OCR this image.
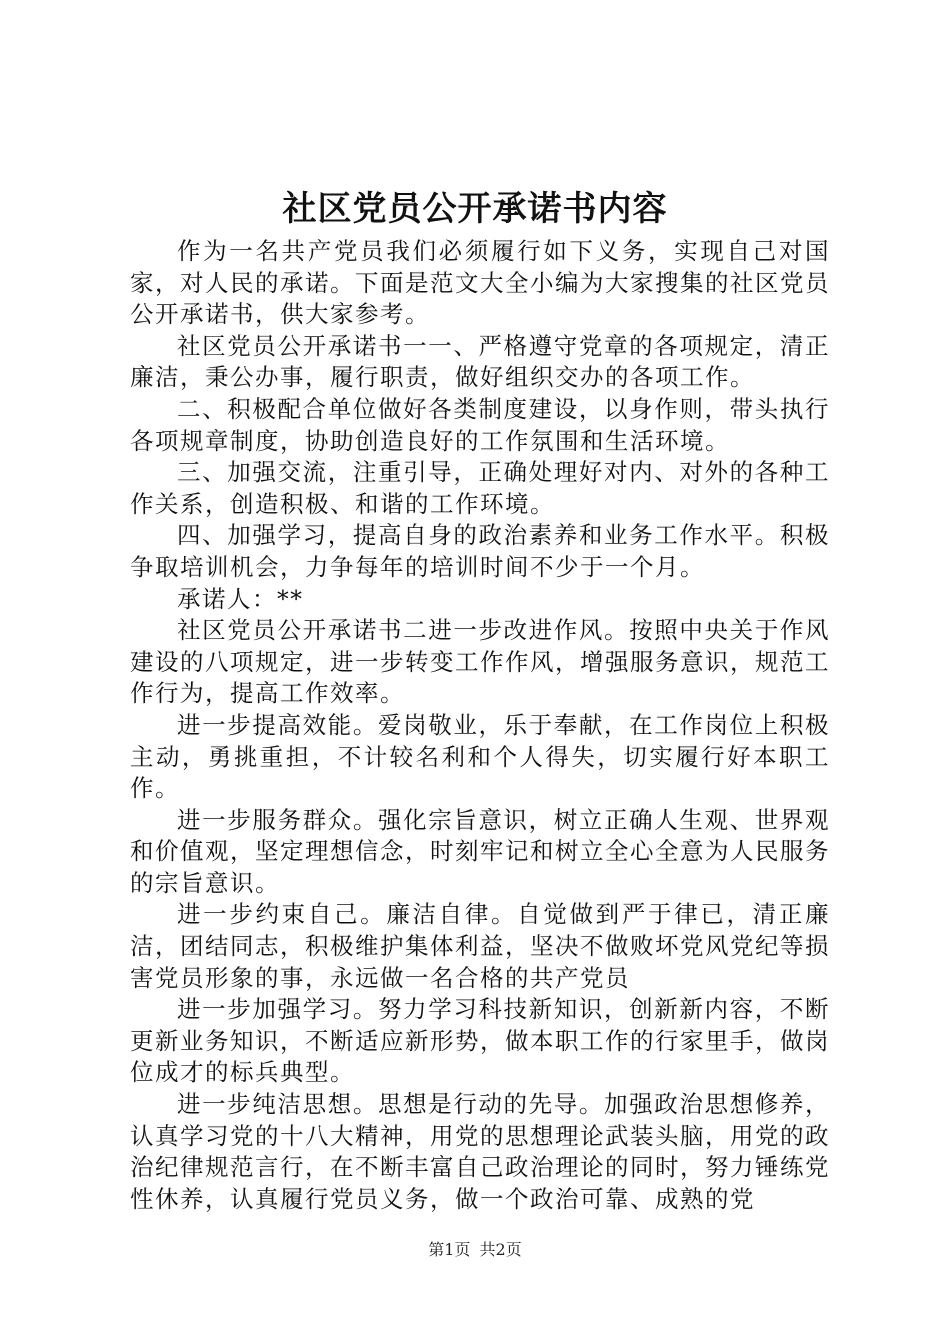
社区党员公开承诺书内容

作为一名共产党员我们必须履行如下义务，实现自己对国家，对人民的承诺。下面是范文大全小编为大家搜集的社区党员公开承诺书，供大家参考。

社区党员公开承诺书一一、严格遵守党章的各项规定，清正廉洁，秉公办事，履行职责，做好组织交办的各项工作。

二、积极配合单位做好各类制度建设，以身作则，带头执行各项规章制度，协助创造良好的工作氛围和生活环境。

三、加强交流，注重引导，正确处理好对内、对外的各种工作关系，创造积极、和谐的工作环境。

四、加强学习，提高自身的政治素养和业务工作水平。积极争取培训机会，力争每年的培训时间不少于一个月。

承诺人：**

社区党员公开承诺书二进一步改进作风。按照中央关于作风建设的八项规定，进一步转变工作作风，增强服务意识，规范工作行为，提高工作效率。

进一步提高效能。爱岗敬业，乐于奉献，在工作岗位上积极主动，勇挑重担，不计较名利和个人得失，切实履行好本职工作。

进一步服务群众。强化宗旨意识，树立正确人生观、世界观和价值观，坚定理想信念，时刻牢记和树立全心全意为人民服务的宗旨意识。

进一步约束自己。廉洁自律。自觉做到严于律已，清正廉洁，团结同志，积极维护集体利益，坚决不做败坏党风党纪等损害党员形象的事，永远做一名合格的共产党员

进一步加强学习。努力学习科技新知识，创新新内容，不断更新业务知识，不断适应新形势，做本职工作的行家里手，做岗位成才的标兵典型。

进一步纯洁思想。思想是行动的先导。加强政治思想修养，认真学习党的十八大精神，用党的思想理论武装头脑，用党的政治纪律规范言行，在不断丰富自己政治理论的同时，努力锤练党性休养，认真履行党员义务，做一个政治可靠、成熟的党

第1页 共2页
